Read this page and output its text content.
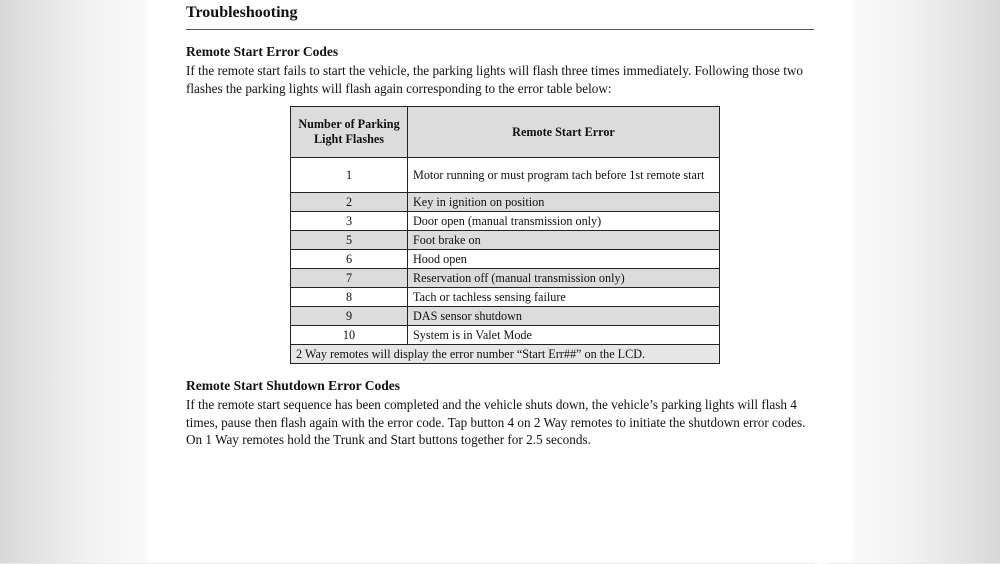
Troubleshooting
Remote Start Error Codes

If the remote start fails to start the vehicle, the parking lights will flash three times immediately. Following those two flashes the parking lights will flash again corresponding to the error table below:

Number of Parking Light Flashes	Remote Start Error
1	Motor running or must program tach before 1st remote start
2	Key in ignition on position
3	Door open (manual transmission only)
5	Foot brake on
6	Hood open
7	Reservation off (manual transmission only)
8	Tach or tachless sensing failure
9	DAS sensor shutdown
10	System is in Valet Mode
2 Way remotes will display the error number “Start Err##” on the LCD.	
Remote Start Shutdown Error Codes

If the remote start sequence has been completed and the vehicle shuts down, the vehicle’s parking lights will flash 4 times, pause then flash again with the error code. Tap button 4 on 2 Way remotes to initiate the shutdown error codes. On 1 Way remotes hold the Trunk and Start buttons together for 2.5 seconds.
